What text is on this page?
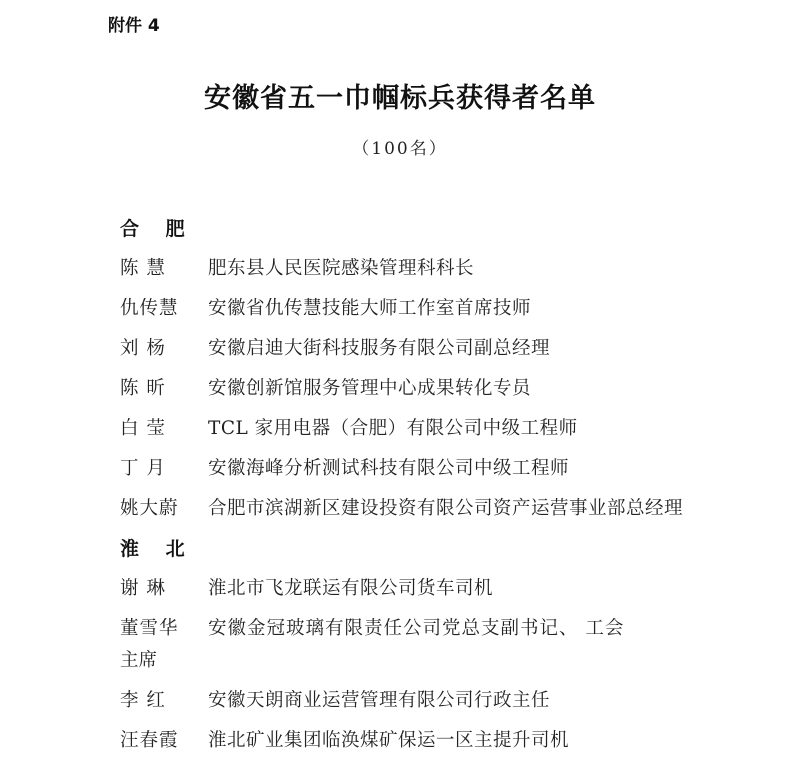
附件 4
安徽省五一巾帼标兵获得者名单
（100名）
合 肥
陈 慧	肥东县人民医院感染管理科科长
仇传慧	安徽省仇传慧技能大师工作室首席技师
刘 杨	安徽启迪大街科技服务有限公司副总经理
陈 昕	安徽创新馆服务管理中心成果转化专员
白 莹	TCL 家用电器（合肥）有限公司中级工程师
丁 月	安徽海峰分析测试科技有限公司中级工程师
姚大蔚	合肥市滨湖新区建设投资有限公司资产运营事业部总经理
淮 北
谢 琳	淮北市飞龙联运有限公司货车司机
董雪华	安徽金冠玻璃有限责任公司党总支副书记、 工会
主席
李 红	安徽天朗商业运营管理有限公司行政主任
汪春霞	淮北矿业集团临涣煤矿保运一区主提升司机
